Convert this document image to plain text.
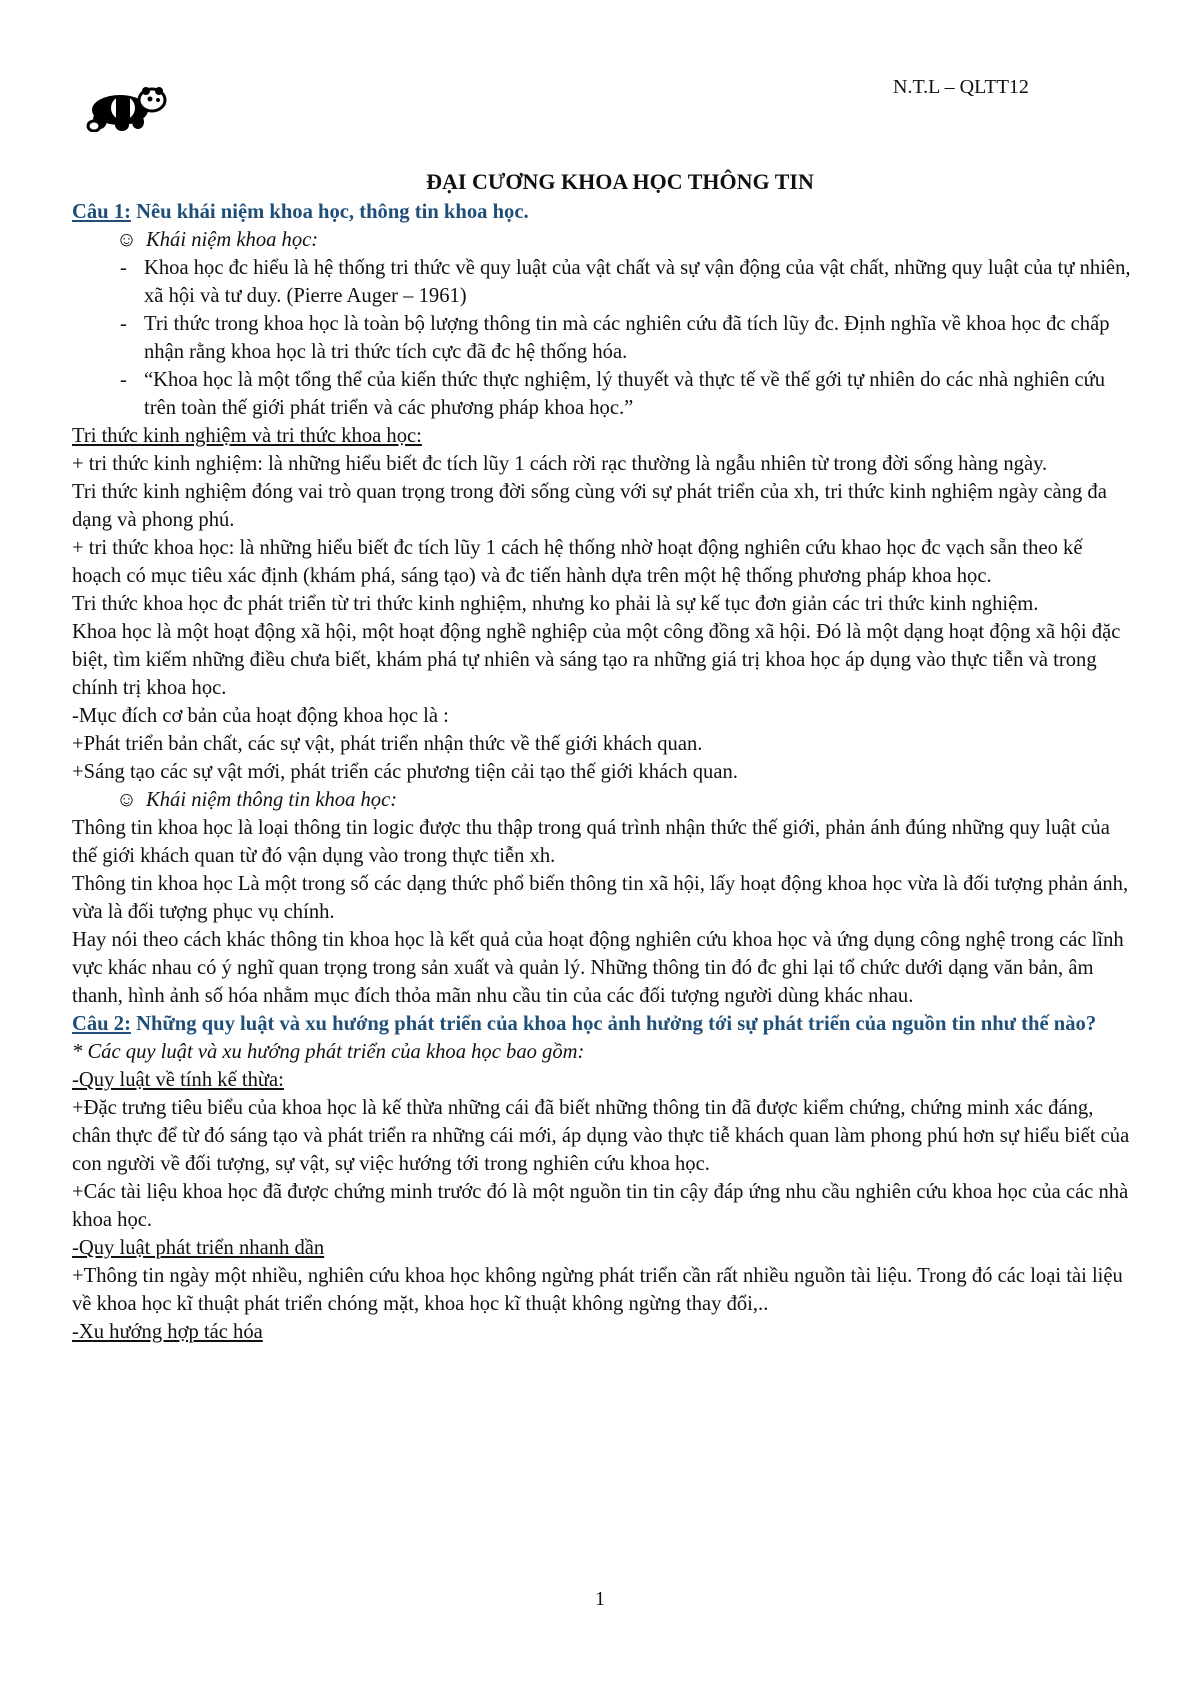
N.T.L – QLTT12

ĐẠI CƯƠNG KHOA HỌC THÔNG TIN

Câu 1: Nêu khái niệm khoa học, thông tin khoa học.

☺ Khái niệm khoa học:

- Khoa học đc hiểu là hệ thống tri thức về quy luật của vật chất và sự vận động của vật chất, những quy luật của tự nhiên, xã hội và tư duy. (Pierre Auger – 1961)
- Tri thức trong khoa học là toàn bộ lượng thông tin mà các nghiên cứu đã tích lũy đc. Định nghĩa về khoa học đc chấp nhận rằng khoa học là tri thức tích cực đã đc hệ thống hóa.
- “Khoa học là một tổng thể của kiến thức thực nghiệm, lý thuyết và thực tế về thế gới tự nhiên do các nhà nghiên cứu trên toàn thế giới phát triển và các phương pháp khoa học.”

Tri thức kinh nghiệm và tri thức khoa học:

+ tri thức kinh nghiệm: là những hiểu biết đc tích lũy 1 cách rời rạc thường là ngẫu nhiên từ trong đời sống hàng ngày.

Tri thức kinh nghiệm đóng vai trò quan trọng trong đời sống cùng với sự phát triển của xh, tri thức kinh nghiệm ngày càng đa dạng và phong phú.

+ tri thức khoa học: là những hiểu biết đc tích lũy 1 cách hệ thống nhờ hoạt động nghiên cứu khao học đc vạch sẵn theo kế hoạch có mục tiêu xác định (khám phá, sáng tạo) và đc tiến hành dựa trên một hệ thống phương pháp khoa học.

Tri thức khoa học đc phát triển từ tri thức kinh nghiệm, nhưng ko phải là sự kế tục đơn giản các tri thức kinh nghiệm.

Khoa học là một hoạt động xã hội, một hoạt động nghề nghiệp của một công đồng xã hội. Đó là một dạng hoạt động xã hội đặc biệt, tìm kiếm những điều chưa biết, khám phá tự nhiên và sáng tạo ra những giá trị khoa học áp dụng vào thực tiễn và trong chính trị khoa học.

-Mục đích cơ bản của hoạt động khoa học là :

+Phát triển bản chất, các sự vật, phát triển nhận thức về thế giới khách quan.

+Sáng tạo các sự vật mới, phát triển các phương tiện cải tạo thế giới khách quan.

☺ Khái niệm thông tin khoa học:

Thông tin khoa học là loại thông tin logic được thu thập trong quá trình nhận thức thế giới, phản ánh đúng những quy luật của thế giới khách quan từ đó vận dụng vào trong thực tiễn xh.

Thông tin khoa học Là một trong số các dạng thức phổ biến thông tin xã hội, lấy hoạt động khoa học vừa là đối tượng phản ánh, vừa là đối tượng phục vụ chính.

Hay nói theo cách khác thông tin khoa học là kết quả của hoạt động nghiên cứu khoa học và ứng dụng công nghệ trong các lĩnh vực khác nhau có ý nghĩ quan trọng trong sản xuất và quản lý. Những thông tin đó đc ghi lại tổ chức dưới dạng văn bản, âm thanh, hình ảnh số hóa nhằm mục đích thỏa mãn nhu cầu tin của các đối tượng người dùng khác nhau.

Câu 2: Những quy luật và xu hướng phát triển của khoa học ảnh hưởng tới sự phát triển của nguồn tin như thế nào?

* Các quy luật và xu hướng phát triển của khoa học bao gồm:

-Quy luật về tính kế thừa:

+Đặc trưng tiêu biểu của khoa học là kế thừa những cái đã biết những thông tin đã được kiểm chứng, chứng minh xác đáng, chân thực để từ đó sáng tạo và phát triển ra những cái mới, áp dụng vào thực tiễ khách quan làm phong phú hơn sự hiểu biết của con người về đối tượng, sự vật, sự việc hướng tới trong nghiên cứu khoa học.

+Các tài liệu khoa học đã được chứng minh trước đó là một nguồn tin tin cậy đáp ứng nhu cầu nghiên cứu khoa học của các nhà khoa học.

-Quy luật phát triển nhanh dần

+Thông tin ngày một nhiều, nghiên cứu khoa học không ngừng phát triển cần rất nhiều nguồn tài liệu. Trong đó các loại tài liệu về khoa học kĩ thuật phát triển chóng mặt, khoa học kĩ thuật không ngừng thay đổi,..

-Xu hướng hợp tác hóa

1
